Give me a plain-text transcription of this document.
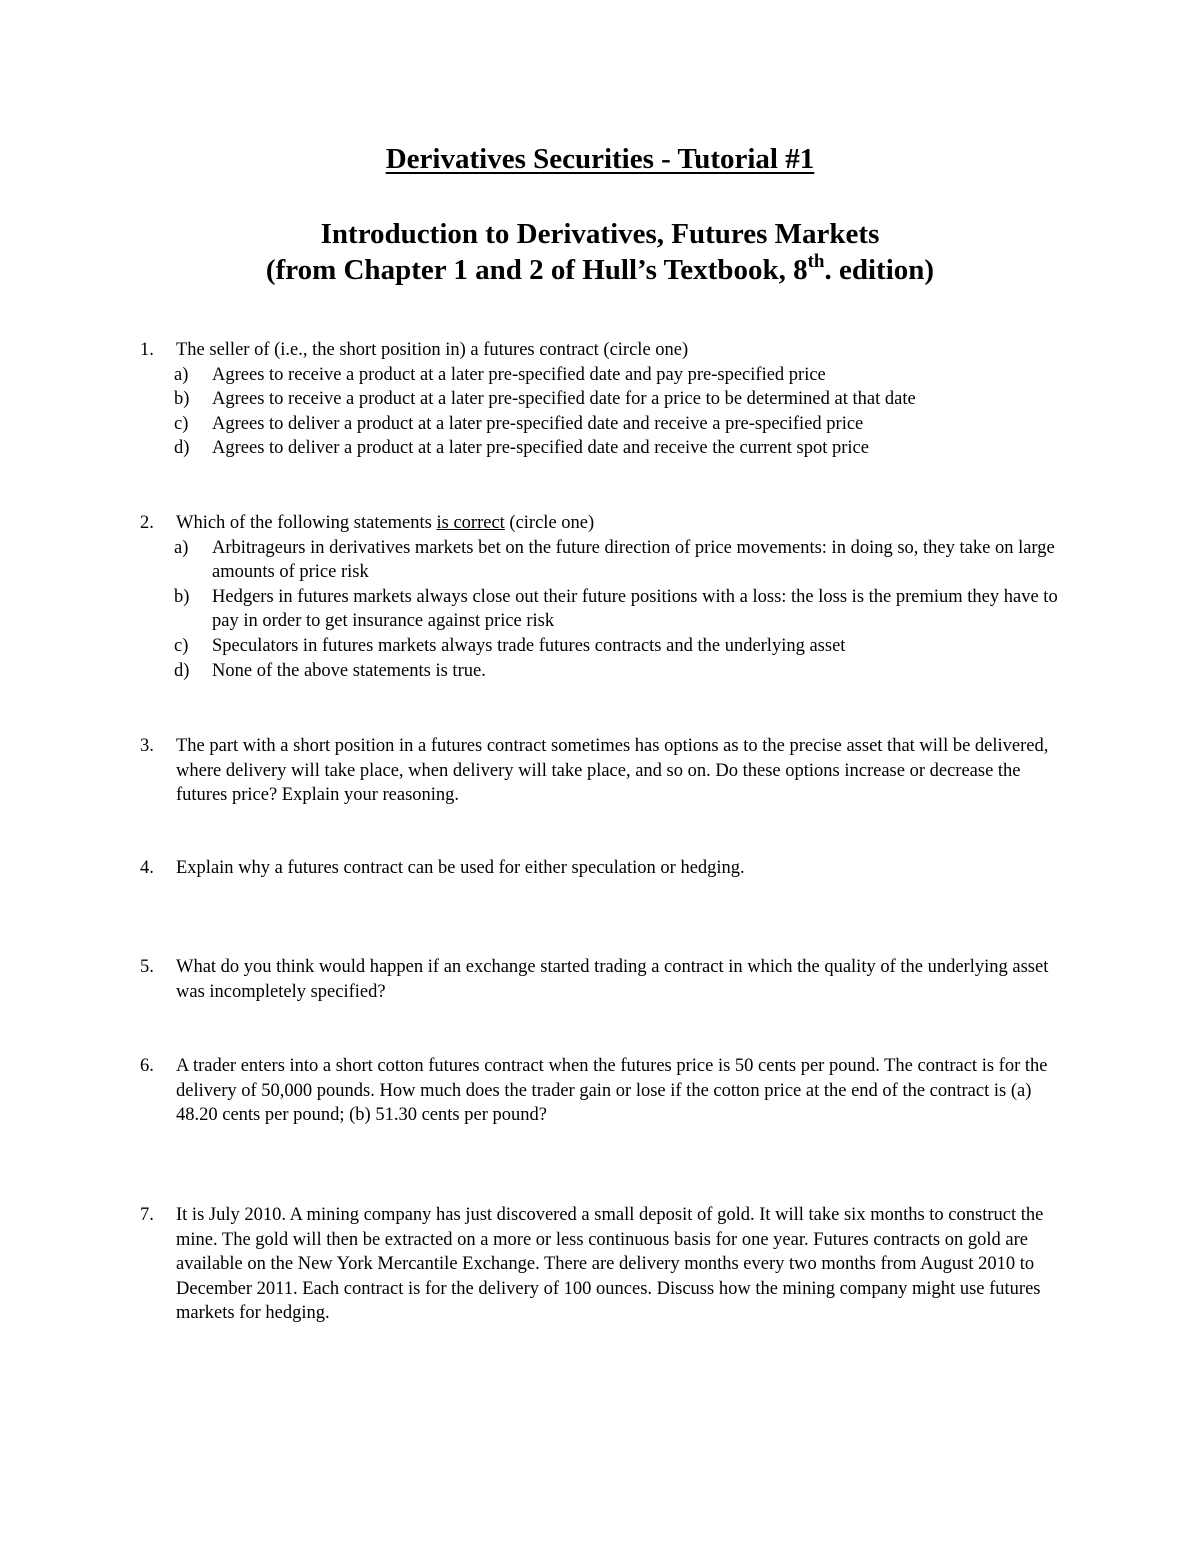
Derivatives Securities - Tutorial #1
Introduction to Derivatives, Futures Markets
(from Chapter 1 and 2 of Hull’s Textbook, 8th. edition)
1.	The seller of (i.e., the short position in) a futures contract (circle one)
a) Agrees to receive a product at a later pre-specified date and pay pre-specified price
b) Agrees to receive a product at a later pre-specified date for a price to be determined at that date
c) Agrees to deliver a product at a later pre-specified date and receive a pre-specified price
d) Agrees to deliver a product at a later pre-specified date and receive the current spot price
2.	Which of the following statements is correct (circle one)
a) Arbitrageurs in derivatives markets bet on the future direction of price movements: in doing so, they take on large amounts of price risk
b) Hedgers in futures markets always close out their future positions with a loss: the loss is the premium they have to pay in order to get insurance against price risk
c) Speculators in futures markets always trade futures contracts and the underlying asset
d) None of the above statements is true.
3.	The part with a short position in a futures contract sometimes has options as to the precise asset that will be delivered, where delivery will take place, when delivery will take place, and so on. Do these options increase or decrease the futures price? Explain your reasoning.
4.	Explain why a futures contract can be used for either speculation or hedging.
5.	What do you think would happen if an exchange started trading a contract in which the quality of the underlying asset was incompletely specified?
6.	A trader enters into a short cotton futures contract when the futures price is 50 cents per pound. The contract is for the delivery of 50,000 pounds. How much does the trader gain or lose if the cotton price at the end of the contract is (a) 48.20 cents per pound; (b) 51.30 cents per pound?
7.	It is July 2010. A mining company has just discovered a small deposit of gold. It will take six months to construct the mine. The gold will then be extracted on a more or less continuous basis for one year. Futures contracts on gold are available on the New York Mercantile Exchange. There are delivery months every two months from August 2010 to December 2011. Each contract is for the delivery of 100 ounces. Discuss how the mining company might use futures markets for hedging.
